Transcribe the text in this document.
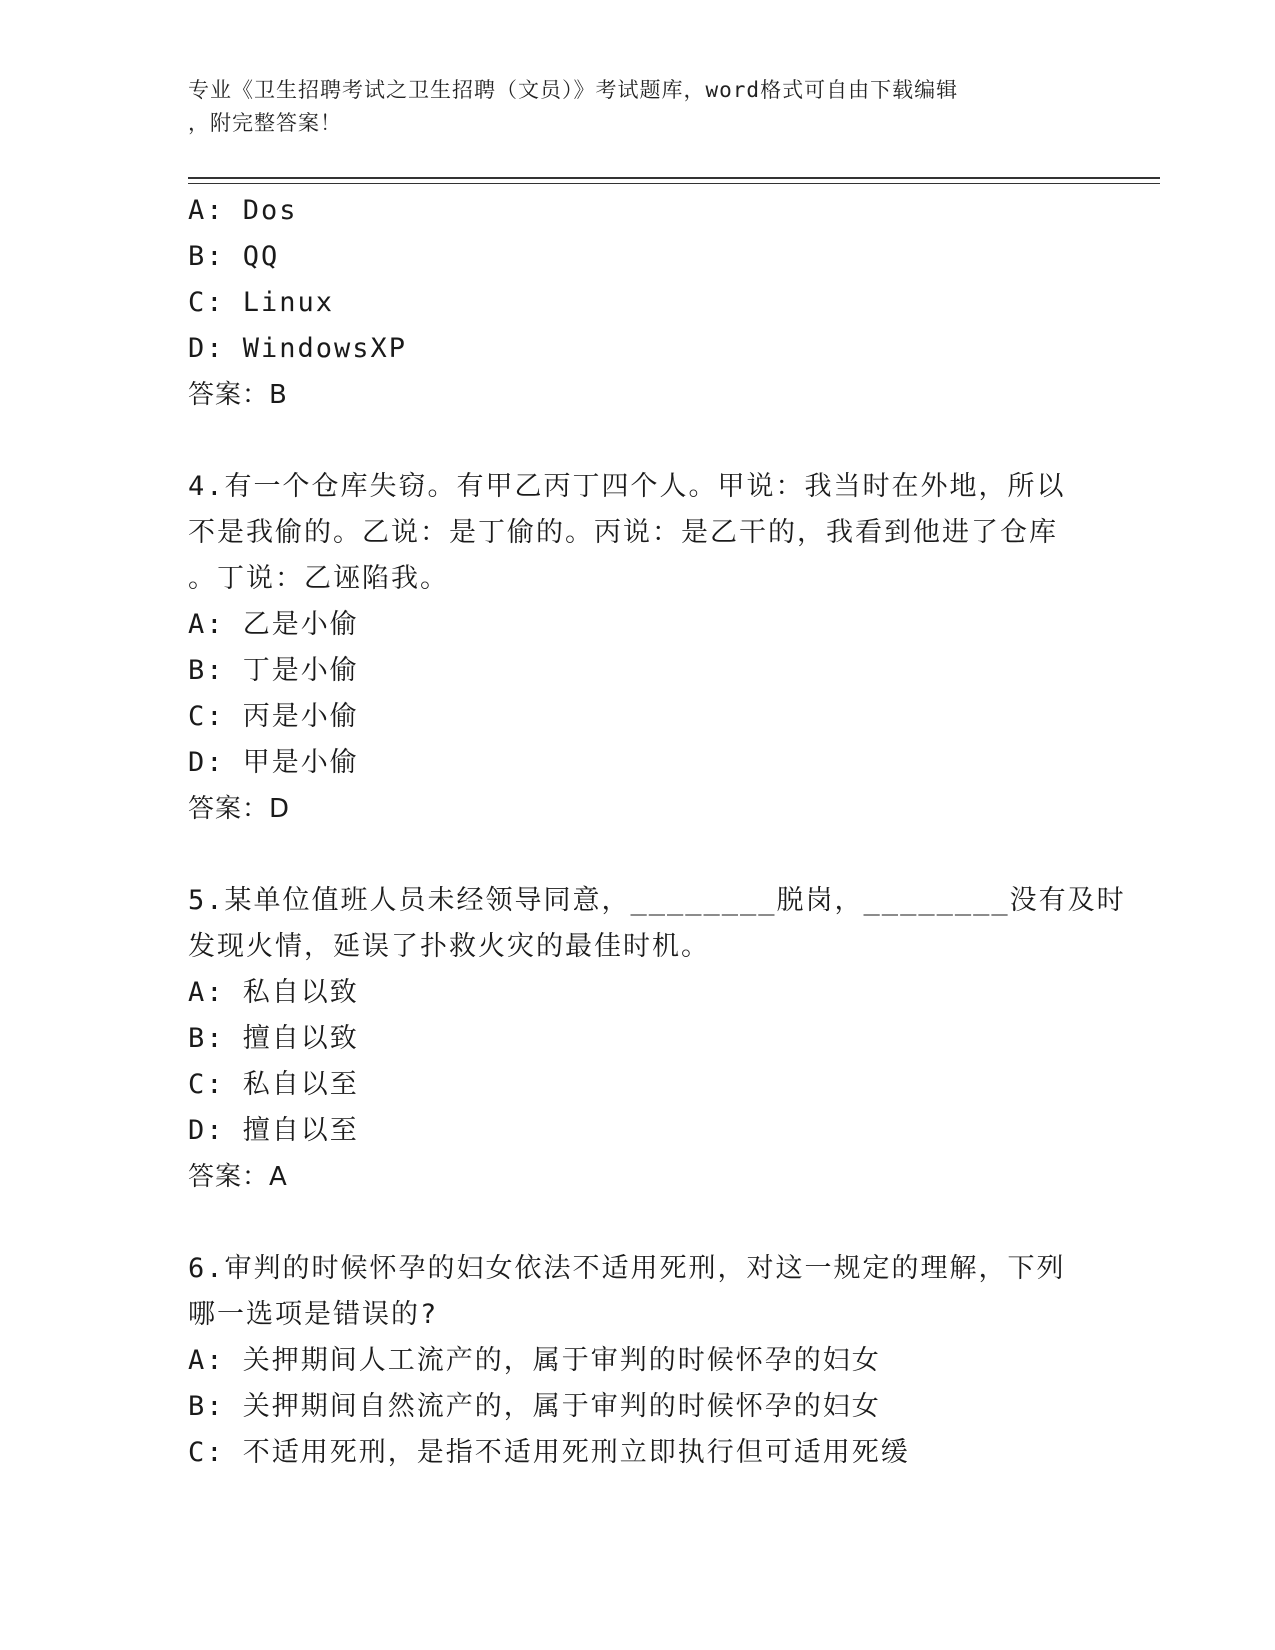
专业《卫生招聘考试之卫生招聘（文员）》考试题库，word格式可自由下载编辑
，附完整答案！
A: Dos
B: QQ
C: Linux
D: WindowsXP
答案：B
4.有一个仓库失窃。有甲乙丙丁四个人。甲说：我当时在外地，所以
不是我偷的。乙说：是丁偷的。丙说：是乙干的，我看到他进了仓库
。丁说：乙诬陷我。
A: 乙是小偷
B: 丁是小偷
C: 丙是小偷
D: 甲是小偷
答案：D
5.某单位值班人员未经领导同意，________脱岗，________没有及时
发现火情，延误了扑救火灾的最佳时机。
A: 私自以致
B: 擅自以致
C: 私自以至
D: 擅自以至
答案：A
6.审判的时候怀孕的妇女依法不适用死刑，对这一规定的理解，下列
哪一选项是错误的?
A: 关押期间人工流产的，属于审判的时候怀孕的妇女
B: 关押期间自然流产的，属于审判的时候怀孕的妇女
C: 不适用死刑，是指不适用死刑立即执行但可适用死缓
